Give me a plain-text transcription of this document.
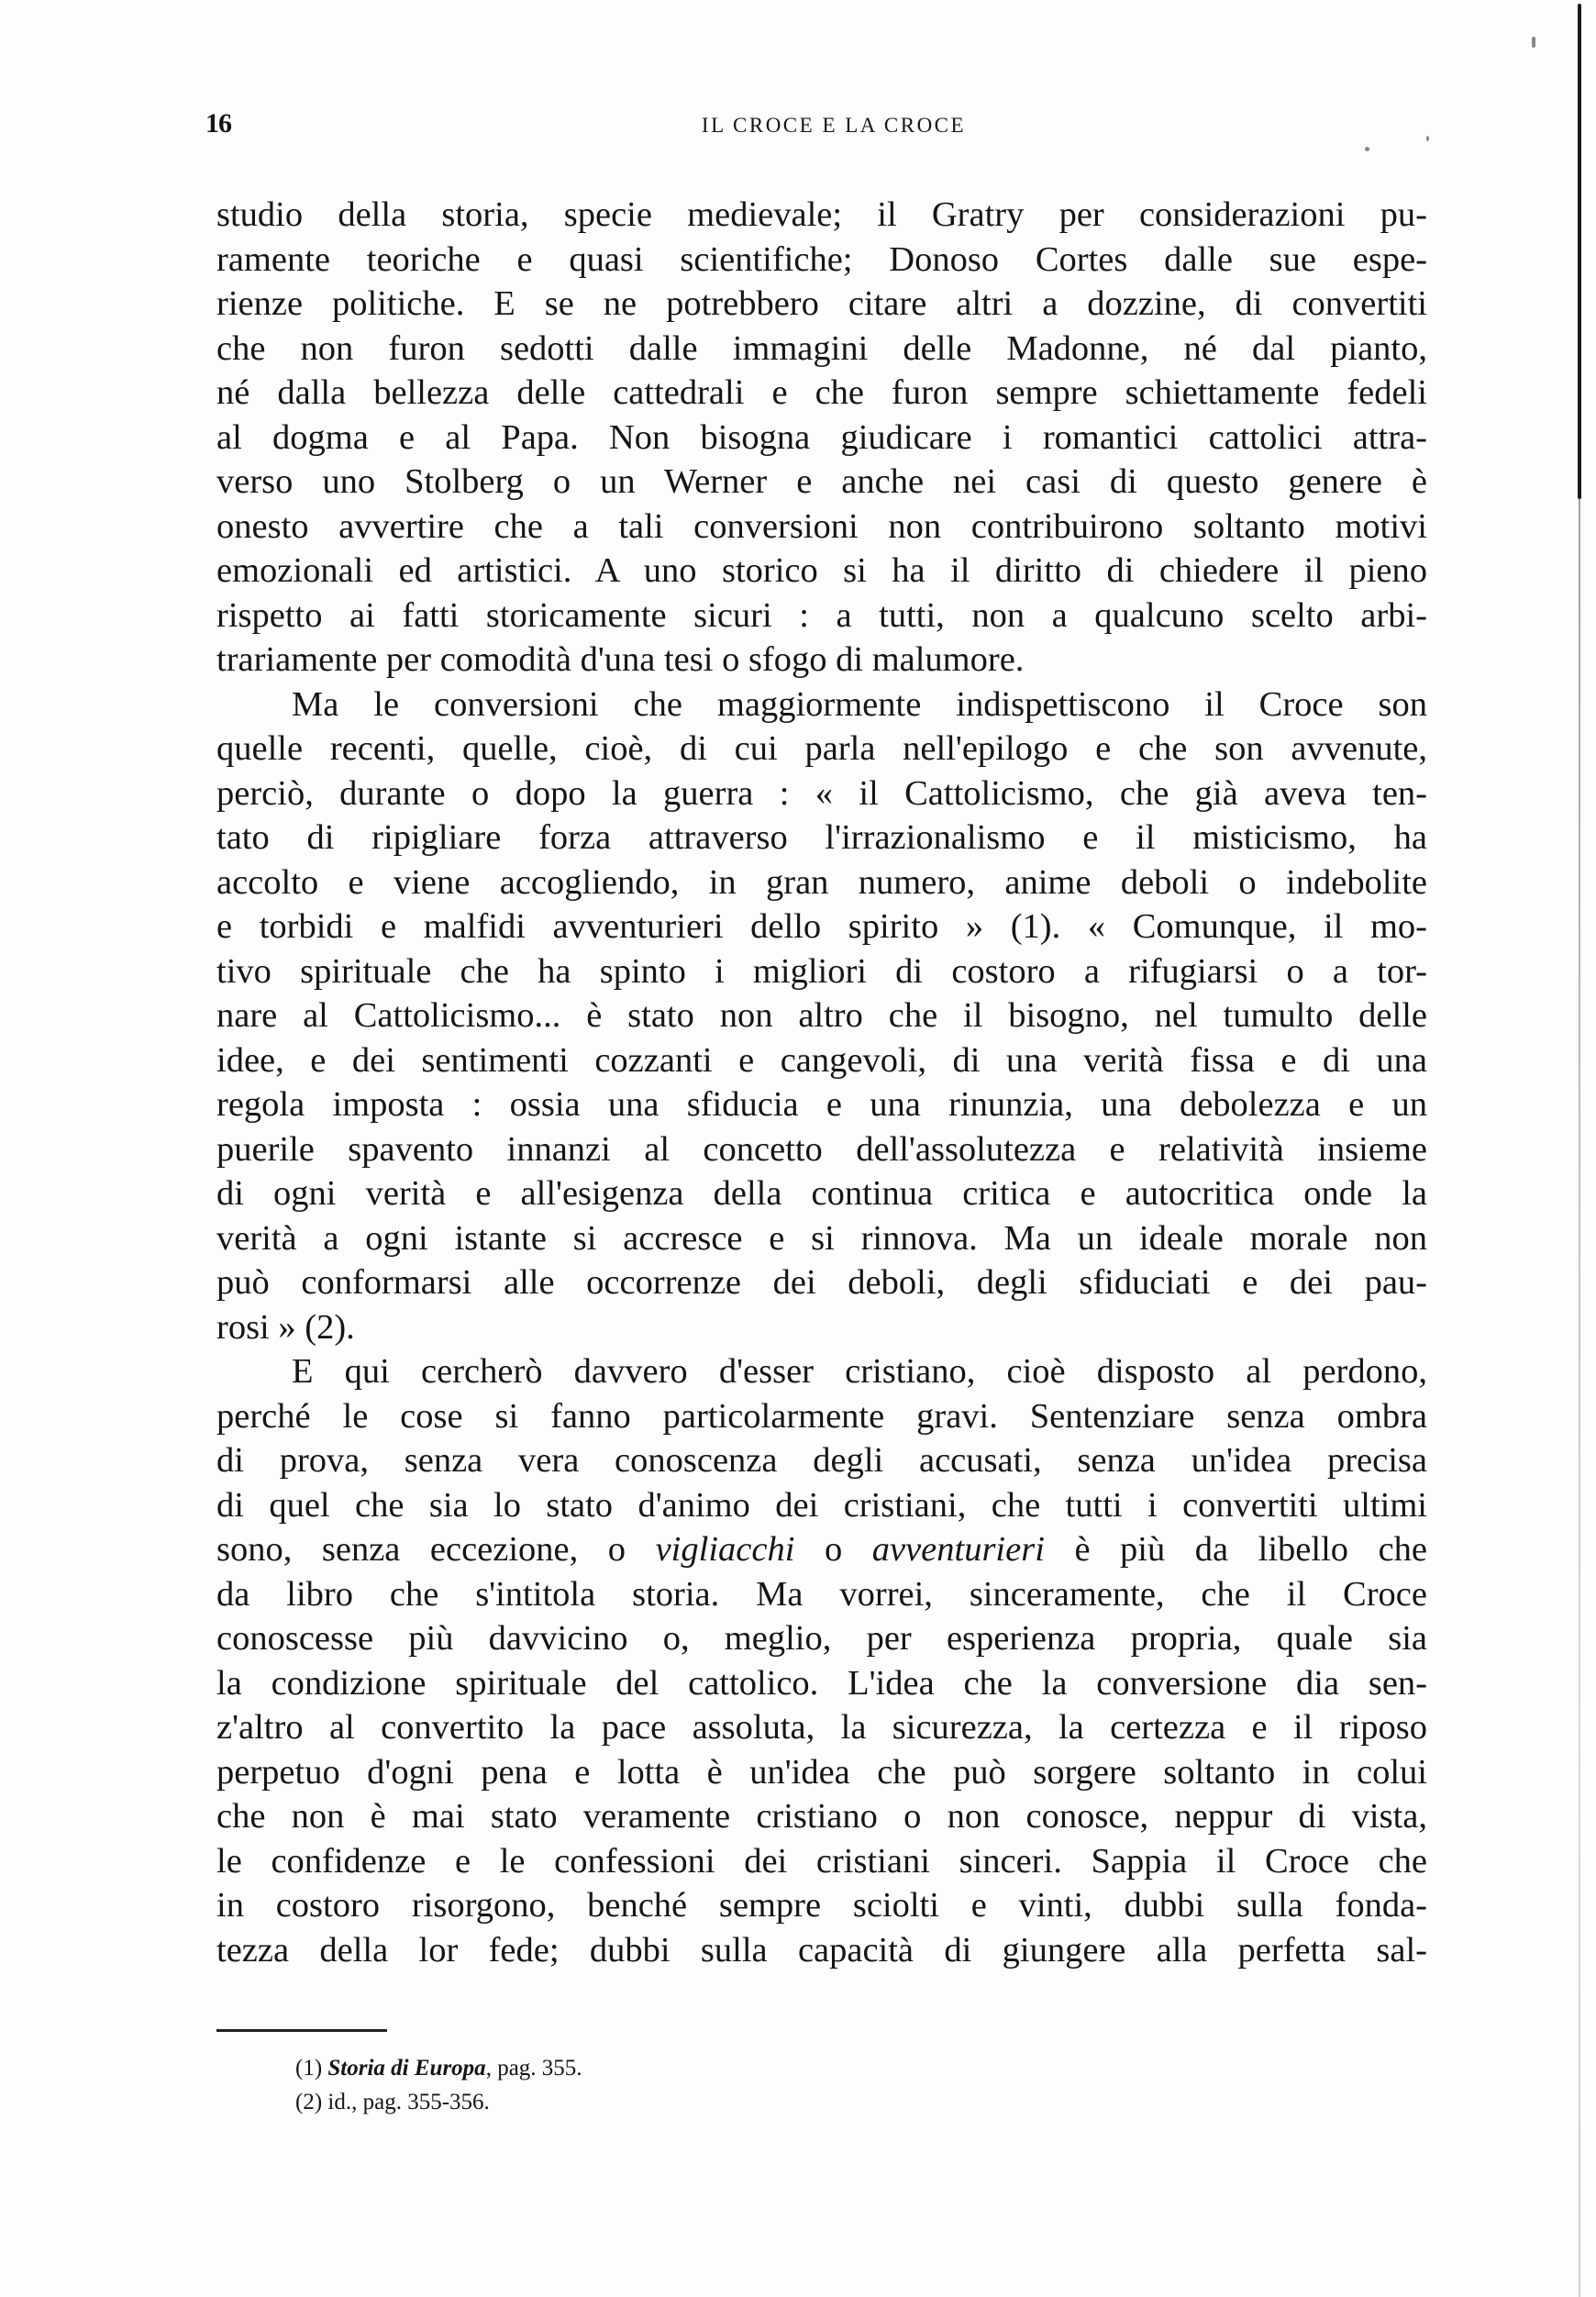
16	IL CROCE E LA CROCE
studio della storia, specie medievale; il Gratry per considerazioni pu-
ramente teoriche e quasi scientifiche; Donoso Cortes dalle sue espe-
rienze politiche. E se ne potrebbero citare altri a dozzine, di convertiti
che non furon sedotti dalle immagini delle Madonne, né dal pianto,
né dalla bellezza delle cattedrali e che furon sempre schiettamente fedeli
al dogma e al Papa. Non bisogna giudicare i romantici cattolici attra-
verso uno Stolberg o un Werner e anche nei casi di questo genere è
onesto avvertire che a tali conversioni non contribuirono soltanto motivi
emozionali ed artistici. A uno storico si ha il diritto di chiedere il pieno
rispetto ai fatti storicamente sicuri : a tutti, non a qualcuno scelto arbi-
trariamente per comodità d'una tesi o sfogo di malumore.
Ma le conversioni che maggiormente indispettiscono il Croce son
quelle recenti, quelle, cioè, di cui parla nell'epilogo e che son avvenute,
perciò, durante o dopo la guerra : « il Cattolicismo, che già aveva ten-
tato di ripigliare forza attraverso l'irrazionalismo e il misticismo, ha
accolto e viene accogliendo, in gran numero, anime deboli o indebolite
e torbidi e malfidi avventurieri dello spirito » (1). « Comunque, il mo-
tivo spirituale che ha spinto i migliori di costoro a rifugiarsi o a tor-
nare al Cattolicismo... è stato non altro che il bisogno, nel tumulto delle
idee, e dei sentimenti cozzanti e cangevoli, di una verità fissa e di una
regola imposta : ossia una sfiducia e una rinunzia, una debolezza e un
puerile spavento innanzi al concetto dell'assolutezza e relatività insieme
di ogni verità e all'esigenza della continua critica e autocritica onde la
verità a ogni istante si accresce e si rinnova. Ma un ideale morale non
può conformarsi alle occorrenze dei deboli, degli sfiduciati e dei pau-
rosi » (2).
E qui cercherò davvero d'esser cristiano, cioè disposto al perdono,
perché le cose si fanno particolarmente gravi. Sentenziare senza ombra
di prova, senza vera conoscenza degli accusati, senza un'idea precisa
di quel che sia lo stato d'animo dei cristiani, che tutti i convertiti ultimi
sono, senza eccezione, o vigliacchi o avventurieri è più da libello che
da libro che s'intitola storia. Ma vorrei, sinceramente, che il Croce
conoscesse più davvicino o, meglio, per esperienza propria, quale sia
la condizione spirituale del cattolico. L'idea che la conversione dia sen-
z'altro al convertito la pace assoluta, la sicurezza, la certezza e il riposo
perpetuo d'ogni pena e lotta è un'idea che può sorgere soltanto in colui
che non è mai stato veramente cristiano o non conosce, neppur di vista,
le confidenze e le confessioni dei cristiani sinceri. Sappia il Croce che
in costoro risorgono, benché sempre sciolti e vinti, dubbi sulla fonda-
tezza della lor fede; dubbi sulla capacità di giungere alla perfetta sal-
(1) Storia di Europa, pag. 355.
(2) id., pag. 355-356.
